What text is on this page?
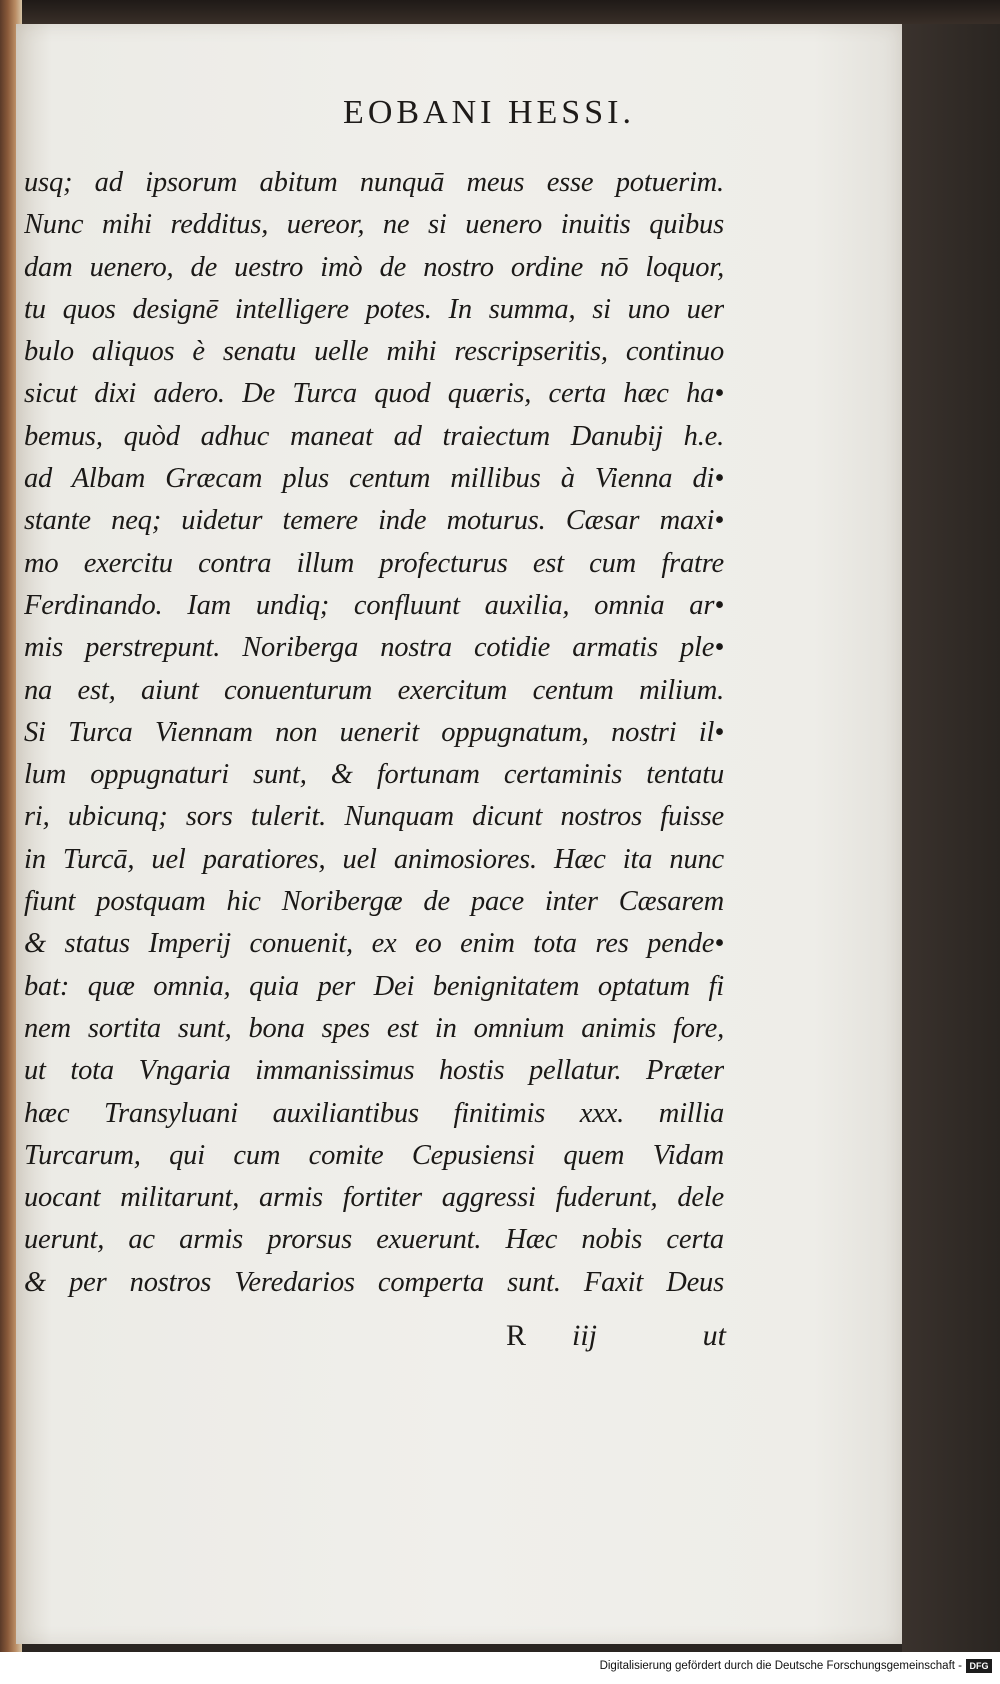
EOBANI HESSI.
usq; ad ipsorum abitum nunquā meus esse potuerim.
Nunc mihi redditus, uereor, ne si uenero inuitis quibus
dam uenero, de uestro imò de nostro ordine nō loquor,
tu quos designē intelligere potes. In summa, si uno uer
bulo aliquos è senatu uelle mihi rescripseritis, continuo
sicut dixi adero. De Turca quod quæris, certa hæc ha•
bemus, quòd adhuc maneat ad traiectum Danubij h.e.
ad Albam Græcam plus centum millibus à Vienna di•
stante neq; uidetur temere inde moturus. Cæsar maxi•
mo exercitu contra illum profecturus est cum fratre
Ferdinando. Iam undiq; confluunt auxilia, omnia ar•
mis perstrepunt. Noriberga nostra cotidie armatis ple•
na est, aiunt conuenturum exercitum centum milium.
Si Turca Viennam non uenerit oppugnatum, nostri il•
lum oppugnaturi sunt, & fortunam certaminis tentatu
ri, ubicunq; sors tulerit. Nunquam dicunt nostros fuisse
in Turcā, uel paratiores, uel animosiores. Hæc ita nunc
fiunt postquam hic Noribergæ de pace inter Cæsarem
& status Imperij conuenit, ex eo enim tota res pende•
bat: quæ omnia, quia per Dei benignitatem optatum fi
nem sortita sunt, bona spes est in omnium animis fore,
ut tota Vngaria immanissimus hostis pellatur. Præter
hæc Transyluani auxiliantibus finitimis xxx. millia
Turcarum, qui cum comite Cepusiensi quem Vidam
uocant militarunt, armis fortiter aggressi fuderunt, dele
uerunt, ac armis prorsus exuerunt. Hæc nobis certa
& per nostros Veredarios comperta sunt. Faxit Deus
R iij	ut
Digitalisierung gefördert durch die Deutsche Forschungsgemeinschaft - DFG
